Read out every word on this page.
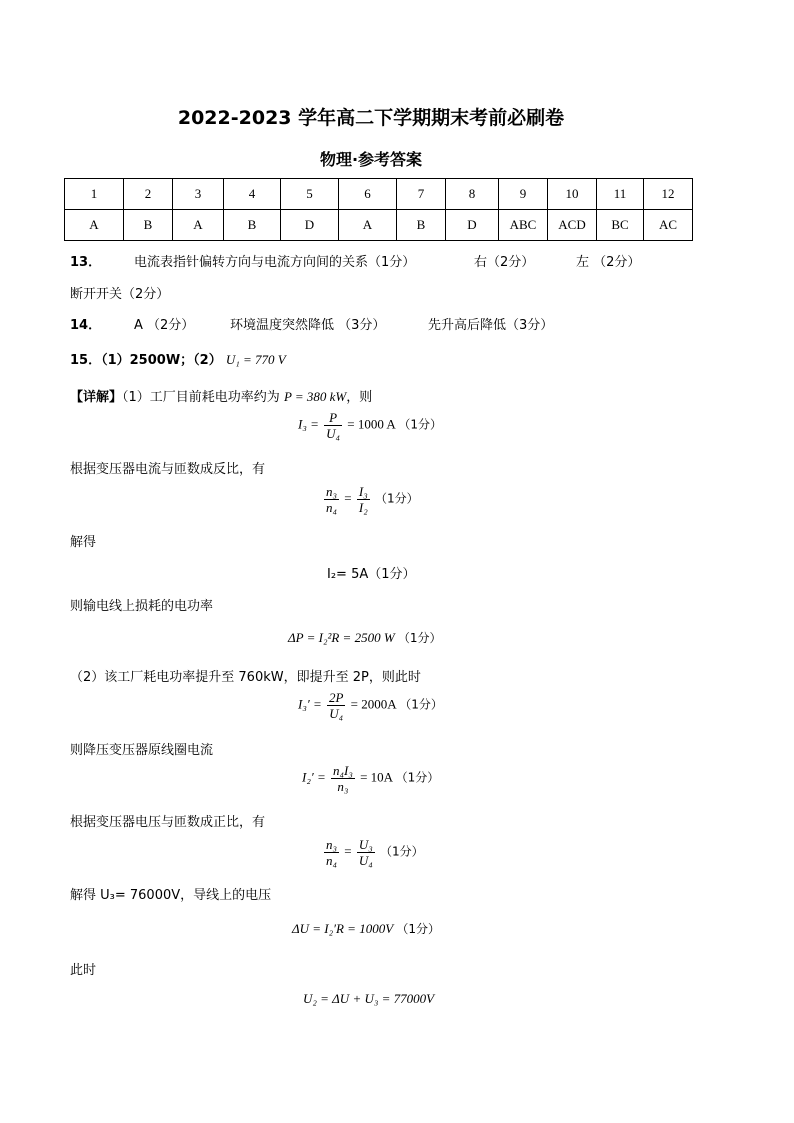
2022-2023 学年高二下学期期末考前必刷卷
物理·参考答案
1	2	3	4	5	6	7	8	9	10	11	12
A	B	A	B	D	A	B	D	ABC	ACD	BC	AC
13．	电流表指针偏转方向与电流方向间的关系（1分）	右（2分）	左 （2分）
断开开关（2分）
14．	A （2分）	环境温度突然降低 （3分）	先升高后降低（3分）
15．（1）2500W；（2） U₁ = 770 V
【详解】（1）工厂目前耗电功率约为 P = 380 kW，则
$I_3 = \frac{P}{\text{U₄}} = 1000$ A （1分）
根据变压器电流与匝数成反比，有
$\frac{\text{n₃}}{\text{n₄}} = \frac{\text{I₃}}{\text{I₂}} (1$分）
解得
I₂= 5A（1分）
则输电线上损耗的电功率
ΔP = I₂²R = 2500 W （1分）
（2）该工厂耗电功率提升至 760kW，即提升至 2P，则此时
$I_3' = \frac{2P}{\text{U₄}} = 2000A$ （1分）
则降压变压器原线圈电流
$I_2' = \frac{\text{n₄I₃}}{\text{n₃}} = 10A$ （1分）
根据变压器电压与匝数成正比，有
$\frac{\text{n₃}}{\text{n₄}} = \frac{\text{U₃}}{\text{U₄}} (1$分）
解得 U₃= 76000V，导线上的电压
ΔU = I₂′R = 1000V （1分）
此时
U₂ = ΔU + U₃ = 77000V
